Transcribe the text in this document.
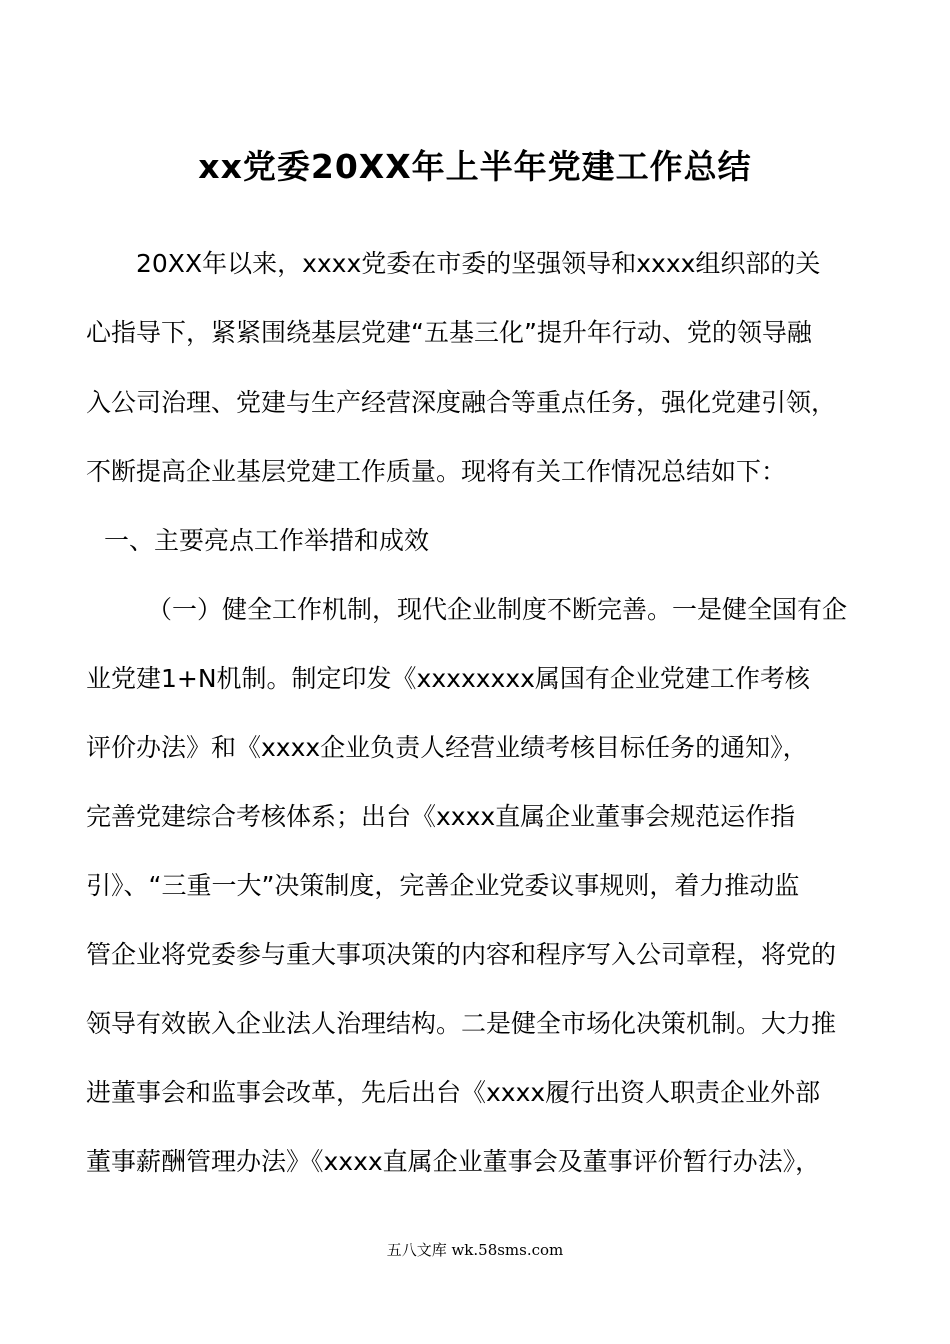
xx党委20XX年上半年党建工作总结

20XX年以来，xxxx党委在市委的坚强领导和xxxx组织部的关

心指导下，紧紧围绕基层党建“五基三化”提升年行动、党的领导融

入公司治理、党建与生产经营深度融合等重点任务，强化党建引领，

不断提高企业基层党建工作质量。现将有关工作情况总结如下：

一、主要亮点工作举措和成效

（一）健全工作机制，现代企业制度不断完善。一是健全国有企

业党建1+N机制。制定印发《xxxxxxxx属国有企业党建工作考核

评价办法》和《xxxx企业负责人经营业绩考核目标任务的通知》，

完善党建综合考核体系；出台《xxxx直属企业董事会规范运作指

引》、“三重一大”决策制度，完善企业党委议事规则，着力推动监

管企业将党委参与重大事项决策的内容和程序写入公司章程，将党的

领导有效嵌入企业法人治理结构。二是健全市场化决策机制。大力推

进董事会和监事会改革，先后出台《xxxx履行出资人职责企业外部

董事薪酬管理办法》《xxxx直属企业董事会及董事评价暂行办法》，

五八文库 wk.58sms.com
